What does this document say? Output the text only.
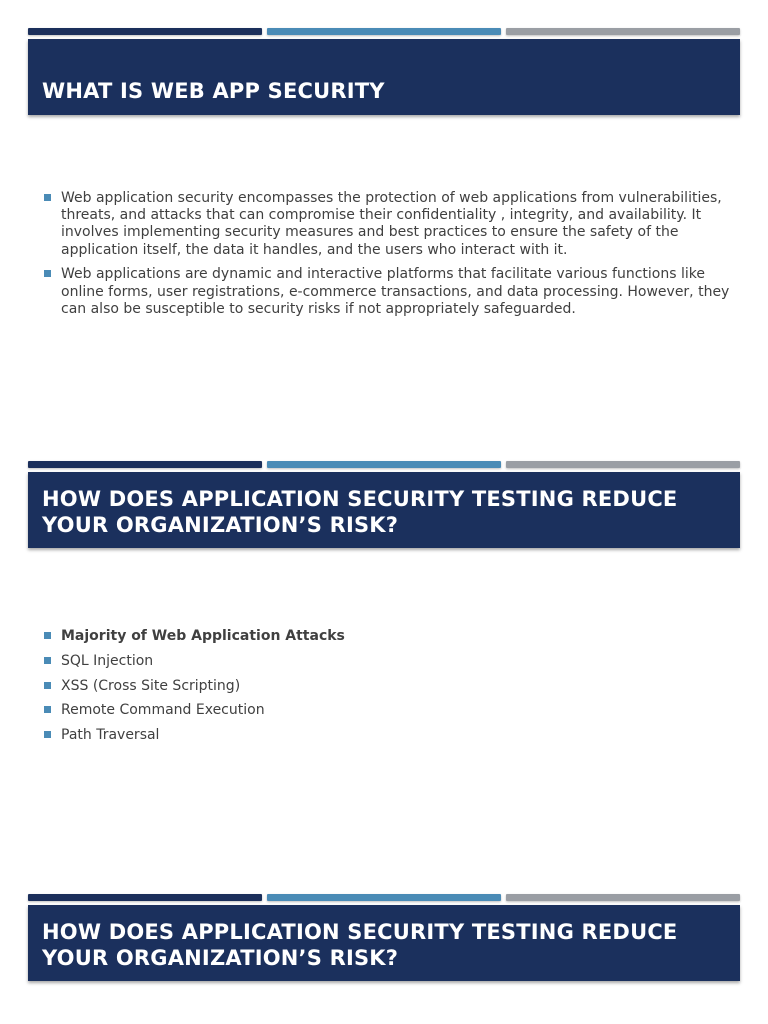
WHAT IS WEB APP SECURITY
Web application security encompasses the protection of web applications from vulnerabilities, threats, and attacks that can compromise their confidentiality , integrity, and availability. It involves implementing security measures and best practices to ensure the safety of the application itself, the data it handles, and the users who interact with it.
Web applications are dynamic and interactive platforms that facilitate various functions like online forms, user registrations, e-commerce transactions, and data processing. However, they can also be susceptible to security risks if not appropriately safeguarded.
HOW DOES APPLICATION SECURITY TESTING REDUCE YOUR ORGANIZATION’S RISK?
Majority of Web Application Attacks
SQL Injection
XSS (Cross Site Scripting)
Remote Command Execution
Path Traversal
HOW DOES APPLICATION SECURITY TESTING REDUCE YOUR ORGANIZATION’S RISK?
